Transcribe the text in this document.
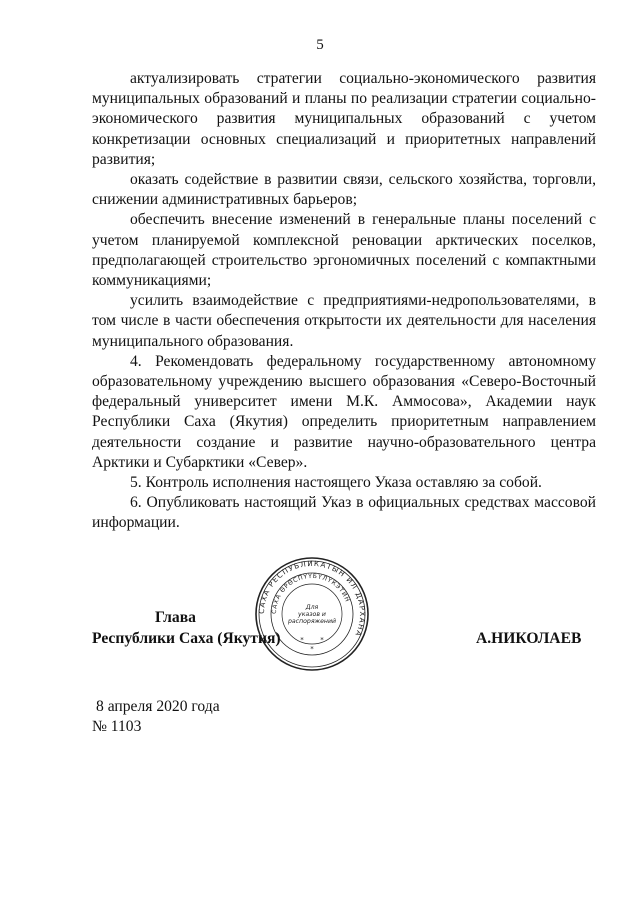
5

актуализировать стратегии социально-экономического развития муниципальных образований и планы по реализации стратегии социально-экономического развития муниципальных образований с учетом конкретизации основных специализаций и приоритетных направлений развития;

оказать содействие в развитии связи, сельского хозяйства, торговли, снижении административных барьеров;

обеспечить внесение изменений в генеральные планы поселений с учетом планируемой комплексной реновации арктических поселков, предполагающей строительство эргономичных поселений с компактными коммуникациями;

усилить взаимодействие с предприятиями-недропользователями, в том числе в части обеспечения открытости их деятельности для населения муниципального образования.

4. Рекомендовать федеральному государственному автономному образовательному учреждению высшего образования «Северо-Восточный федеральный университет имени М.К. Аммосова», Академии наук Республики Саха (Якутия) определить приоритетным направлением деятельности создание и развитие научно-образовательного центра Арктики и Субарктики «Север».

5. Контроль исполнения настоящего Указа оставляю за собой.

6. Опубликовать настоящий Указ в официальных средствах массовой информации.

САХА РЕСПУБЛИКАТЫН ИЛ ДАРХАНА
САХА ӨРӨСПҮҮБҮЛҮКЭТИН
Для
указов и
распоряжений
* *
*
Глава
Республики Саха (Якутия)	А.НИКОЛАЕВ
8 апреля 2020 года
№ 1103
